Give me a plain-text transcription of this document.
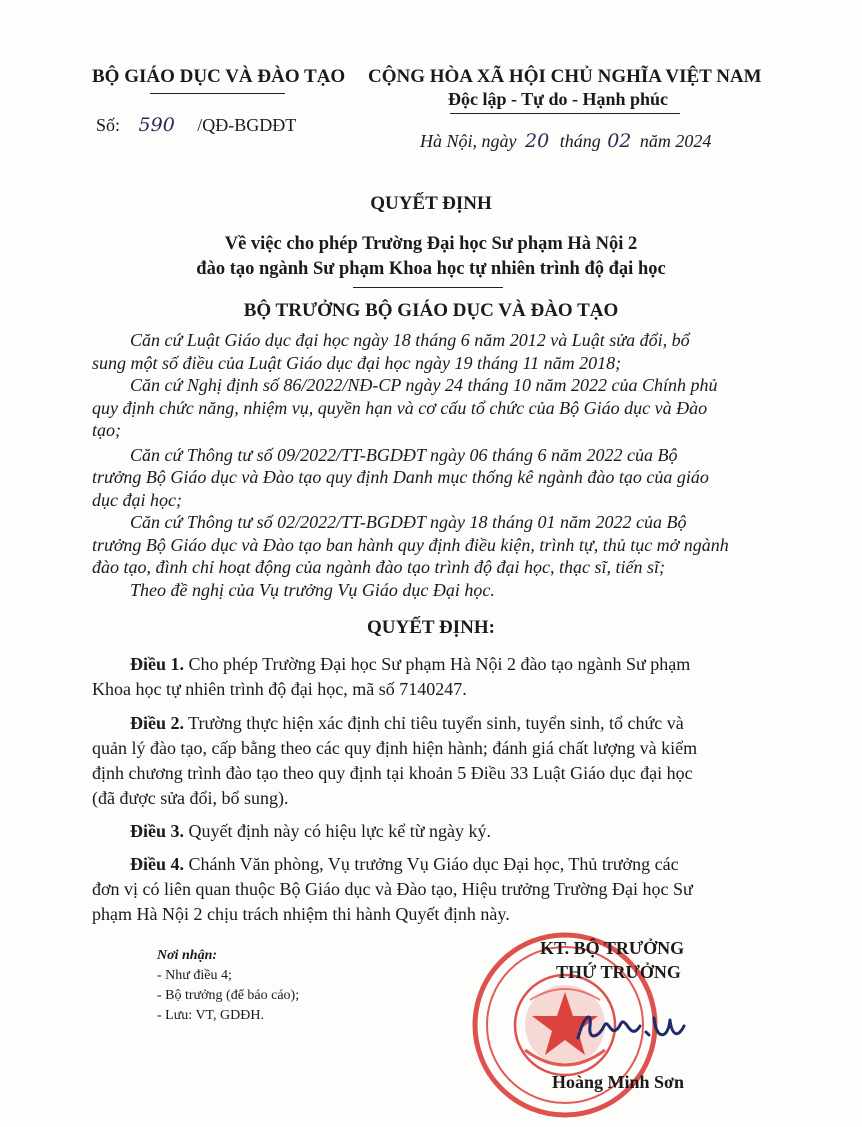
BỘ GIÁO DỤC VÀ ĐÀO TẠO CỘNG HÒA XÃ HỘI CHỦ NGHĨA VIỆT NAM
Độc lập - Tự do - Hạnh phúc
Số: 590 /QĐ-BGDĐT
Hà Nội, ngày 20 tháng 02 năm 2024
QUYẾT ĐỊNH
Về việc cho phép Trường Đại học Sư phạm Hà Nội 2
đào tạo ngành Sư phạm Khoa học tự nhiên trình độ đại học
BỘ TRƯỞNG BỘ GIÁO DỤC VÀ ĐÀO TẠO
Căn cứ Luật Giáo dục đại học ngày 18 tháng 6 năm 2012 và Luật sửa đổi, bổ
sung một số điều của Luật Giáo dục đại học ngày 19 tháng 11 năm 2018;
Căn cứ Nghị định số 86/2022/NĐ-CP ngày 24 tháng 10 năm 2022 của Chính phủ
quy định chức năng, nhiệm vụ, quyền hạn và cơ cấu tổ chức của Bộ Giáo dục và Đào
tạo;
Căn cứ Thông tư số 09/2022/TT-BGDĐT ngày 06 tháng 6 năm 2022 của Bộ
trưởng Bộ Giáo dục và Đào tạo quy định Danh mục thống kê ngành đào tạo của giáo
dục đại học;
Căn cứ Thông tư số 02/2022/TT-BGDĐT ngày 18 tháng 01 năm 2022 của Bộ
trưởng Bộ Giáo dục và Đào tạo ban hành quy định điều kiện, trình tự, thủ tục mở ngành
đào tạo, đình chỉ hoạt động của ngành đào tạo trình độ đại học, thạc sĩ, tiến sĩ;
Theo đề nghị của Vụ trưởng Vụ Giáo dục Đại học.
QUYẾT ĐỊNH:
Điều 1. Cho phép Trường Đại học Sư phạm Hà Nội 2 đào tạo ngành Sư phạm
Khoa học tự nhiên trình độ đại học, mã số 7140247.
Điều 2. Trường thực hiện xác định chỉ tiêu tuyển sinh, tuyển sinh, tổ chức và
quản lý đào tạo, cấp bằng theo các quy định hiện hành; đánh giá chất lượng và kiểm
định chương trình đào tạo theo quy định tại khoản 5 Điều 33 Luật Giáo dục đại học
(đã được sửa đổi, bổ sung).
Điều 3. Quyết định này có hiệu lực kể từ ngày ký.
Điều 4. Chánh Văn phòng, Vụ trưởng Vụ Giáo dục Đại học, Thủ trưởng các
đơn vị có liên quan thuộc Bộ Giáo dục và Đào tạo, Hiệu trưởng Trường Đại học Sư
phạm Hà Nội 2 chịu trách nhiệm thi hành Quyết định này.
Nơi nhận:
- Như điều 4;
- Bộ trưởng (để báo cáo);
- Lưu: VT, GDĐH.
KT. BỘ TRƯỞNG
THỨ TRƯỞNG
Hoàng Minh Sơn
